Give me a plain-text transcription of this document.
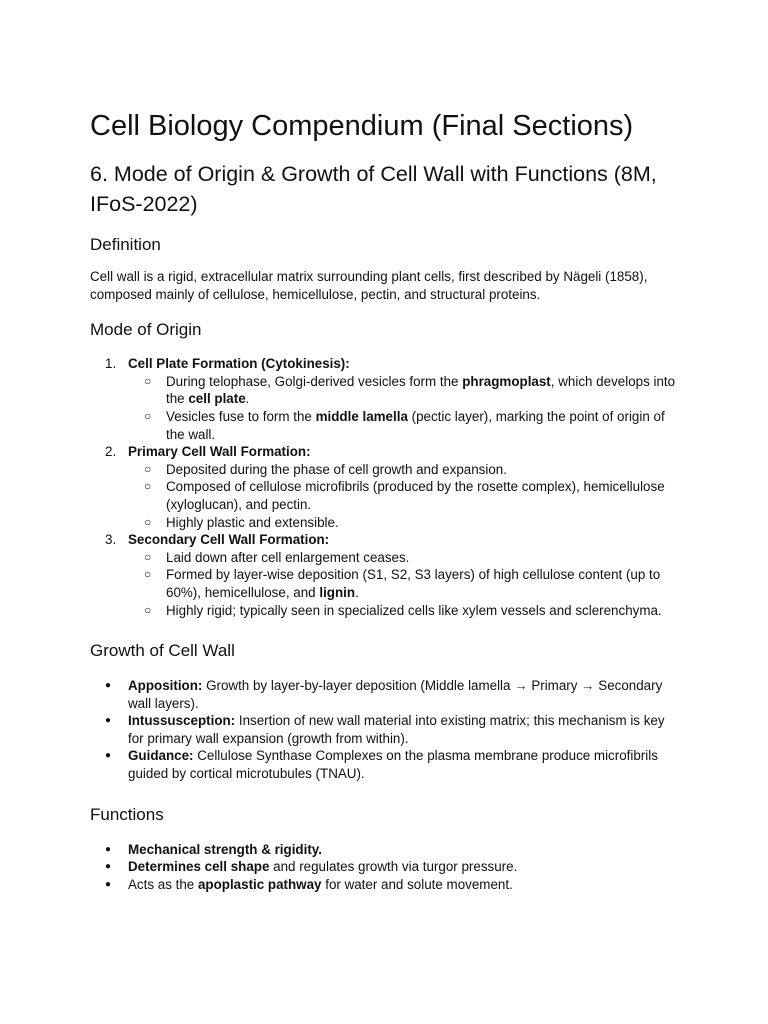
Cell Biology Compendium (Final Sections)
6. Mode of Origin & Growth of Cell Wall with Functions (8M, IFoS-2022)
Definition

Cell wall is a rigid, extracellular matrix surrounding plant cells, first described by Nägeli (1858), composed mainly of cellulose, hemicellulose, pectin, and structural proteins.

Mode of Origin
1. Cell Plate Formation (Cytokinesis):
○ During telophase, Golgi-derived vesicles form the phragmoplast, which develops into the cell plate.
○ Vesicles fuse to form the middle lamella (pectic layer), marking the point of origin of the wall.
2. Primary Cell Wall Formation:
○ Deposited during the phase of cell growth and expansion.
○ Composed of cellulose microfibrils (produced by the rosette complex), hemicellulose (xyloglucan), and pectin.
○ Highly plastic and extensible.
3. Secondary Cell Wall Formation:
○ Laid down after cell enlargement ceases.
○ Formed by layer-wise deposition (S1, S2, S3 layers) of high cellulose content (up to 60%), hemicellulose, and lignin.
○ Highly rigid; typically seen in specialized cells like xylem vessels and sclerenchyma.
Growth of Cell Wall
● Apposition: Growth by layer-by-layer deposition (Middle lamella → Primary → Secondary wall layers).
● Intussusception: Insertion of new wall material into existing matrix; this mechanism is key for primary wall expansion (growth from within).
● Guidance: Cellulose Synthase Complexes on the plasma membrane produce microfibrils guided by cortical microtubules (TNAU).
Functions
● Mechanical strength & rigidity.
● Determines cell shape and regulates growth via turgor pressure.
● Acts as the apoplastic pathway for water and solute movement.
